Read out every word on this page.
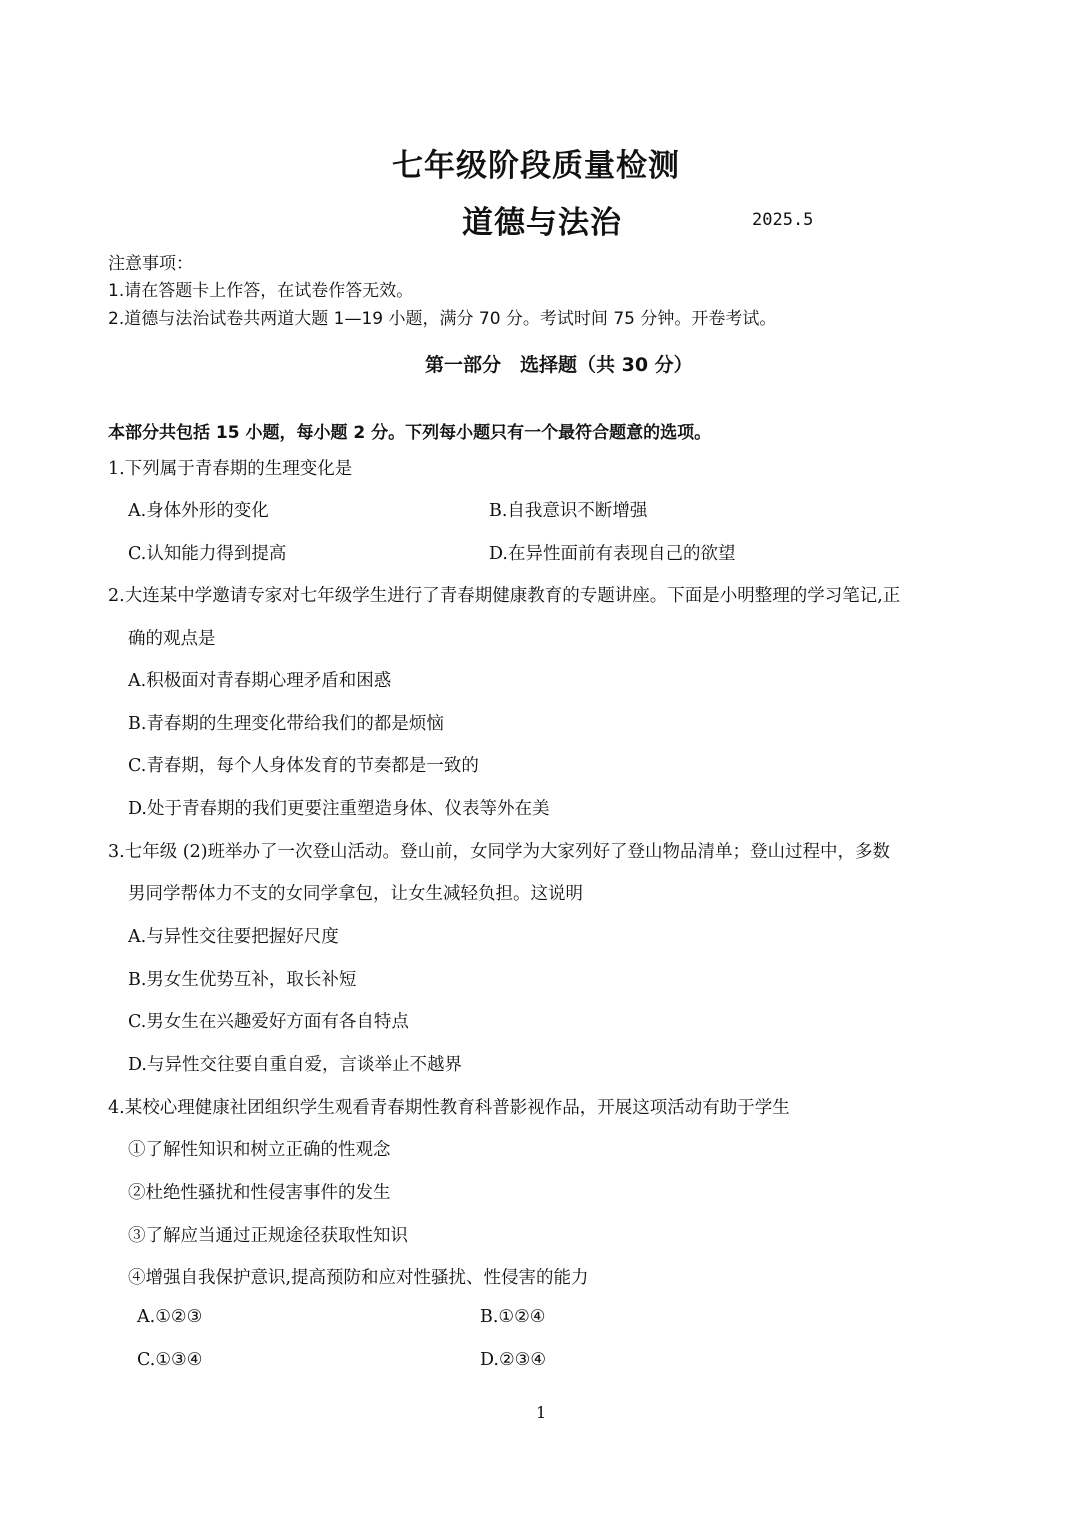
七年级阶段质量检测
道德与法治	2025.5
注意事项：
1.请在答题卡上作答，在试卷作答无效。
2.道德与法治试卷共两道大题 1—19 小题，满分 70 分。考试时间 75 分钟。开卷考试。
第一部分　选择题（共 30 分）
本部分共包括 15 小题，每小题 2 分。下列每小题只有一个最符合题意的选项。
1.下列属于青春期的生理变化是
A.身体外形的变化	B.自我意识不断增强
C.认知能力得到提高	D.在异性面前有表现自己的欲望
2.大连某中学邀请专家对七年级学生进行了青春期健康教育的专题讲座。下面是小明整理的学习笔记,正
确的观点是
A.积极面对青春期心理矛盾和困惑
B.青春期的生理变化带给我们的都是烦恼
C.青春期，每个人身体发育的节奏都是一致的
D.处于青春期的我们更要注重塑造身体、仪表等外在美
3.七年级 (2)班举办了一次登山活动。登山前，女同学为大家列好了登山物品清单；登山过程中，多数
男同学帮体力不支的女同学拿包，让女生减轻负担。这说明
A.与异性交往要把握好尺度
B.男女生优势互补，取长补短
C.男女生在兴趣爱好方面有各自特点
D.与异性交往要自重自爱，言谈举止不越界
4.某校心理健康社团组织学生观看青春期性教育科普影视作品，开展这项活动有助于学生
①了解性知识和树立正确的性观念
②杜绝性骚扰和性侵害事件的发生
③了解应当通过正规途径获取性知识
④增强自我保护意识,提高预防和应对性骚扰、性侵害的能力
A.①②③	B.①②④
C.①③④	D.②③④
1
